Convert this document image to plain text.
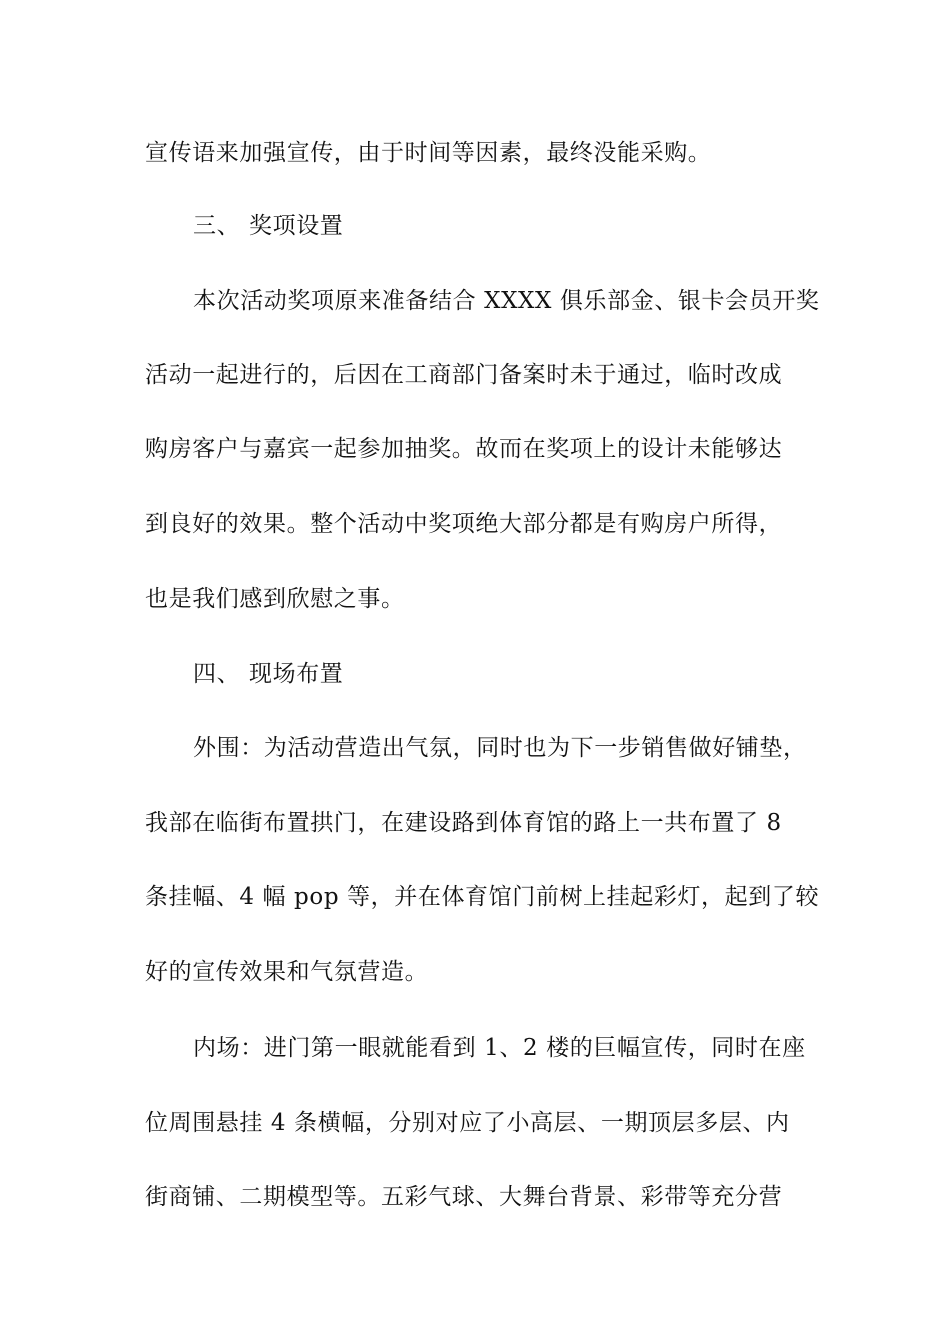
宣传语来加强宣传，由于时间等因素，最终没能采购。
三、 奖项设置
本次活动奖项原来准备结合 XXXX 俱乐部金、银卡会员开奖
活动一起进行的，后因在工商部门备案时未于通过，临时改成
购房客户与嘉宾一起参加抽奖。故而在奖项上的设计未能够达
到良好的效果。整个活动中奖项绝大部分都是有购房户所得，
也是我们感到欣慰之事。
四、 现场布置
外围：为活动营造出气氛，同时也为下一步销售做好铺垫，
我部在临街布置拱门，在建设路到体育馆的路上一共布置了 8
条挂幅、4 幅 pop 等，并在体育馆门前树上挂起彩灯，起到了较
好的宣传效果和气氛营造。
内场：进门第一眼就能看到 1、2 楼的巨幅宣传，同时在座
位周围悬挂 4 条横幅，分别对应了小高层、一期顶层多层、内
街商铺、二期模型等。五彩气球、大舞台背景、彩带等充分营
